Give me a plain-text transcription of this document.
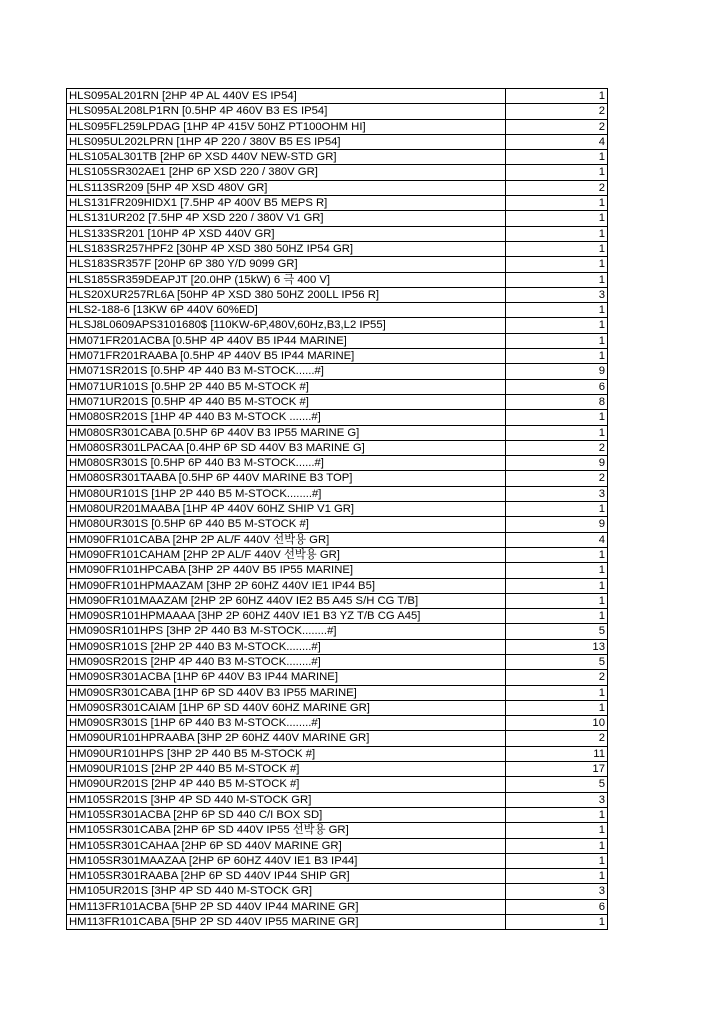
HLS095AL201RN [2HP 4P AL 440V ES IP54]	1
HLS095AL208LP1RN [0.5HP 4P 460V B3 ES IP54]	2
HLS095FL259LPDAG [1HP 4P 415V 50HZ PT100OHM HI]	2
HLS095UL202LPRN [1HP 4P 220 / 380V B5 ES IP54]	4
HLS105AL301TB [2HP 6P XSD 440V NEW-STD GR]	1
HLS105SR302AE1 [2HP 6P XSD 220 / 380V GR]	1
HLS113SR209 [5HP 4P XSD 480V GR]	2
HLS131FR209HIDX1 [7.5HP 4P 400V B5 MEPS R]	1
HLS131UR202 [7.5HP 4P XSD 220 / 380V V1 GR]	1
HLS133SR201 [10HP 4P XSD 440V GR]	1
HLS183SR257HPF2 [30HP 4P XSD 380 50HZ IP54 GR]	1
HLS183SR357F [20HP 6P 380 Y/D 9099 GR]	1
HLS185SR359DEAPJT [20.0HP (15kW) 6 극 400 V]	1
HLS20XUR257RL6A [50HP 4P XSD 380 50HZ 200LL IP56 R]	3
HLS2-188-6 [13KW 6P 440V 60%ED]	1
HLSJ8L0609APS3101680$ [110KW-6P,480V,60Hz,B3,L2 IP55]	1
HM071FR201ACBA [0.5HP 4P 440V B5 IP44 MARINE]	1
HM071FR201RAABA [0.5HP 4P 440V B5 IP44 MARINE]	1
HM071SR201S [0.5HP 4P 440 B3 M-STOCK......#]	9
HM071UR101S [0.5HP 2P 440 B5 M-STOCK #]	6
HM071UR201S [0.5HP 4P 440 B5 M-STOCK #]	8
HM080SR201S [1HP 4P 440 B3 M-STOCK .......#]	1
HM080SR301CABA [0.5HP 6P 440V B3 IP55 MARINE G]	1
HM080SR301LPACAA [0.4HP 6P SD 440V B3 MARINE G]	2
HM080SR301S [0.5HP 6P 440 B3 M-STOCK......#]	9
HM080SR301TAABA [0.5HP 6P 440V MARINE B3 TOP]	2
HM080UR101S [1HP 2P 440 B5 M-STOCK........#]	3
HM080UR201MAABA [1HP 4P 440V 60HZ SHIP V1 GR]	1
HM080UR301S [0.5HP 6P 440 B5 M-STOCK #]	9
HM090FR101CABA [2HP 2P AL/F 440V 선박용 GR]	4
HM090FR101CAHAM [2HP 2P AL/F 440V 선박용 GR]	1
HM090FR101HPCABA [3HP 2P 440V B5 IP55 MARINE]	1
HM090FR101HPMAAZAM [3HP 2P 60HZ 440V IE1 IP44 B5]	1
HM090FR101MAAZAM [2HP 2P 60HZ 440V IE2 B5 A45 S/H CG T/B]	1
HM090SR101HPMAAAA [3HP 2P 60HZ 440V IE1 B3 YZ T/B CG A45]	1
HM090SR101HPS [3HP 2P 440 B3 M-STOCK........#]	5
HM090SR101S [2HP 2P 440 B3 M-STOCK........#]	13
HM090SR201S [2HP 4P 440 B3 M-STOCK........#]	5
HM090SR301ACBA [1HP 6P 440V B3 IP44 MARINE]	2
HM090SR301CABA [1HP 6P SD 440V B3 IP55 MARINE]	1
HM090SR301CAIAM [1HP 6P SD 440V 60HZ MARINE GR]	1
HM090SR301S [1HP 6P 440 B3 M-STOCK........#]	10
HM090UR101HPRAABA [3HP 2P 60HZ 440V MARINE GR]	2
HM090UR101HPS [3HP 2P 440 B5 M-STOCK #]	11
HM090UR101S [2HP 2P 440 B5 M-STOCK #]	17
HM090UR201S [2HP 4P 440 B5 M-STOCK #]	5
HM105SR201S [3HP 4P SD 440 M-STOCK GR]	3
HM105SR301ACBA [2HP 6P SD 440 C/I BOX SD]	1
HM105SR301CABA [2HP 6P SD 440V IP55 선박용 GR]	1
HM105SR301CAHAA [2HP 6P SD 440V MARINE GR]	1
HM105SR301MAAZAA [2HP 6P 60HZ 440V IE1 B3 IP44]	1
HM105SR301RAABA [2HP 6P SD 440V IP44 SHIP GR]	1
HM105UR201S [3HP 4P SD 440 M-STOCK GR]	3
HM113FR101ACBA [5HP 2P SD 440V IP44 MARINE GR]	6
HM113FR101CABA [5HP 2P SD 440V IP55 MARINE GR]	1
